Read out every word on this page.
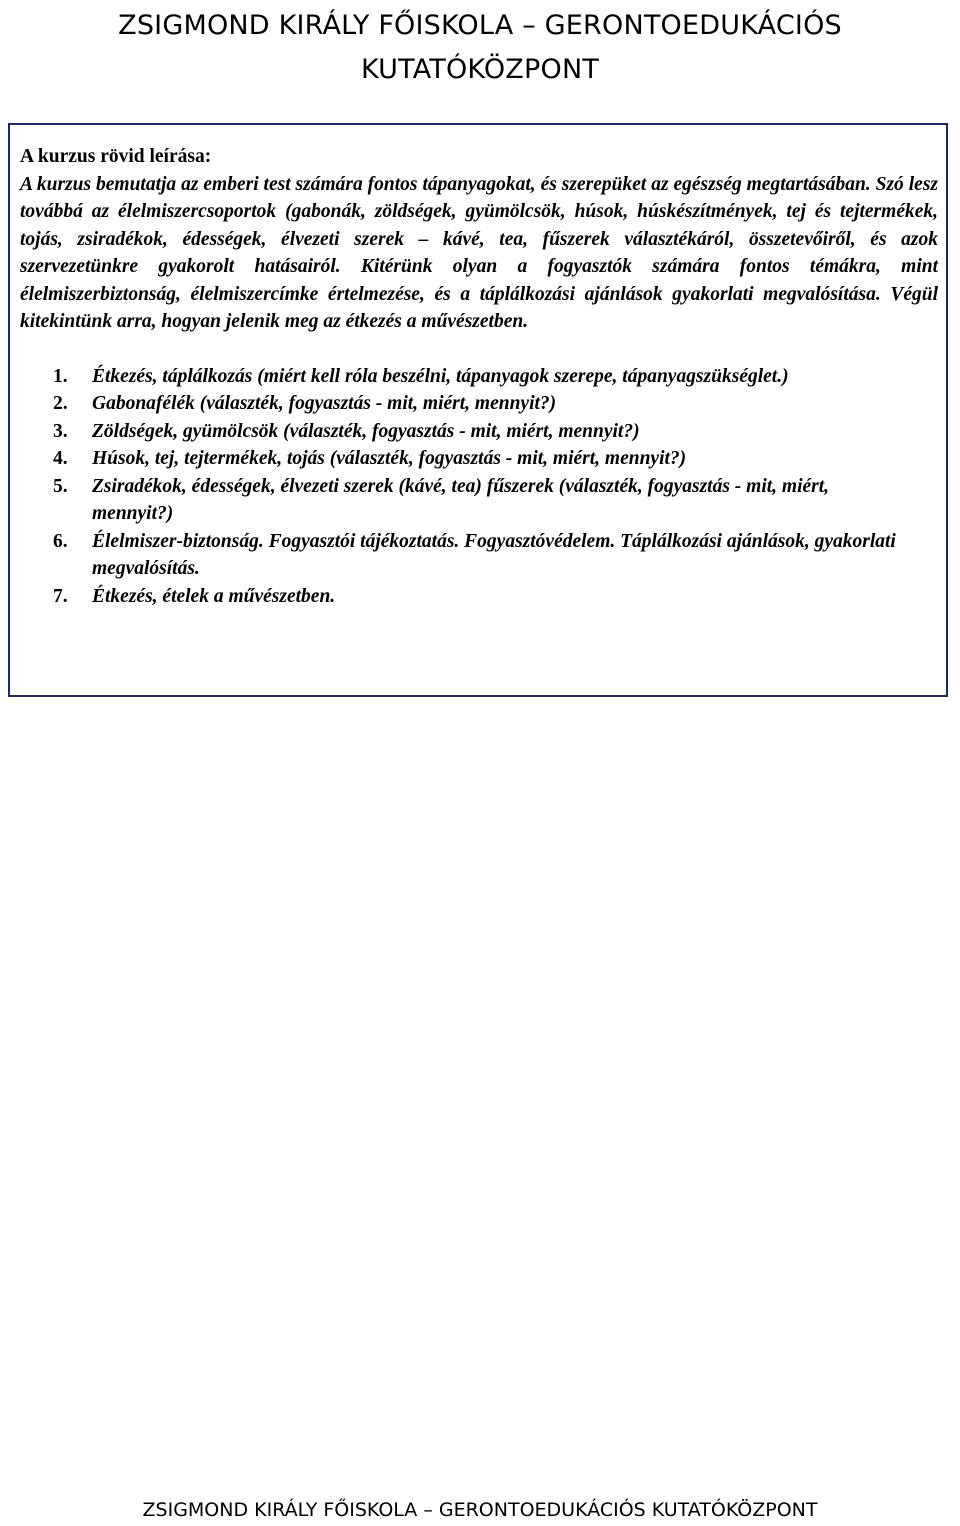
ZSIGMOND KIRÁLY FŐISKOLA – GERONTOEDUKÁCIÓS
KUTATÓKÖZPONT
A kurzus rövid leírása:
A kurzus bemutatja az emberi test számára fontos tápanyagokat, és szerepüket az egészség megtartásában. Szó lesz továbbá az élelmiszercsoportok (gabonák, zöldségek, gyümölcsök, húsok, húskészítmények, tej és tejtermékek, tojás, zsiradékok, édességek, élvezeti szerek – kávé, tea, fűszerek választékáról, összetevőiről, és azok szervezetünkre gyakorolt hatásairól. Kitérünk olyan a fogyasztók számára fontos témákra, mint élelmiszerbiztonság, élelmiszercímke értelmezése, és a táplálkozási ajánlások gyakorlati megvalósítása. Végül kitekintünk arra, hogyan jelenik meg az étkezés a művészetben.
1. Étkezés, táplálkozás (miért kell róla beszélni, tápanyagok szerepe, tápanyagszükséglet.)
2. Gabonafélék (választék, fogyasztás - mit, miért, mennyit?)
3. Zöldségek, gyümölcsök (választék, fogyasztás - mit, miért, mennyit?)
4. Húsok, tej, tejtermékek, tojás (választék, fogyasztás - mit, miért, mennyit?)
5. Zsiradékok, édességek, élvezeti szerek (kávé, tea) fűszerek (választék, fogyasztás - mit, miért, mennyit?)
6. Élelmiszer-biztonság. Fogyasztói tájékoztatás. Fogyasztóvédelem. Táplálkozási ajánlások, gyakorlati megvalósítás.
7. Étkezés, ételek a művészetben.
ZSIGMOND KIRÁLY FŐISKOLA – GERONTOEDUKÁCIÓS KUTATÓKÖZPONT
